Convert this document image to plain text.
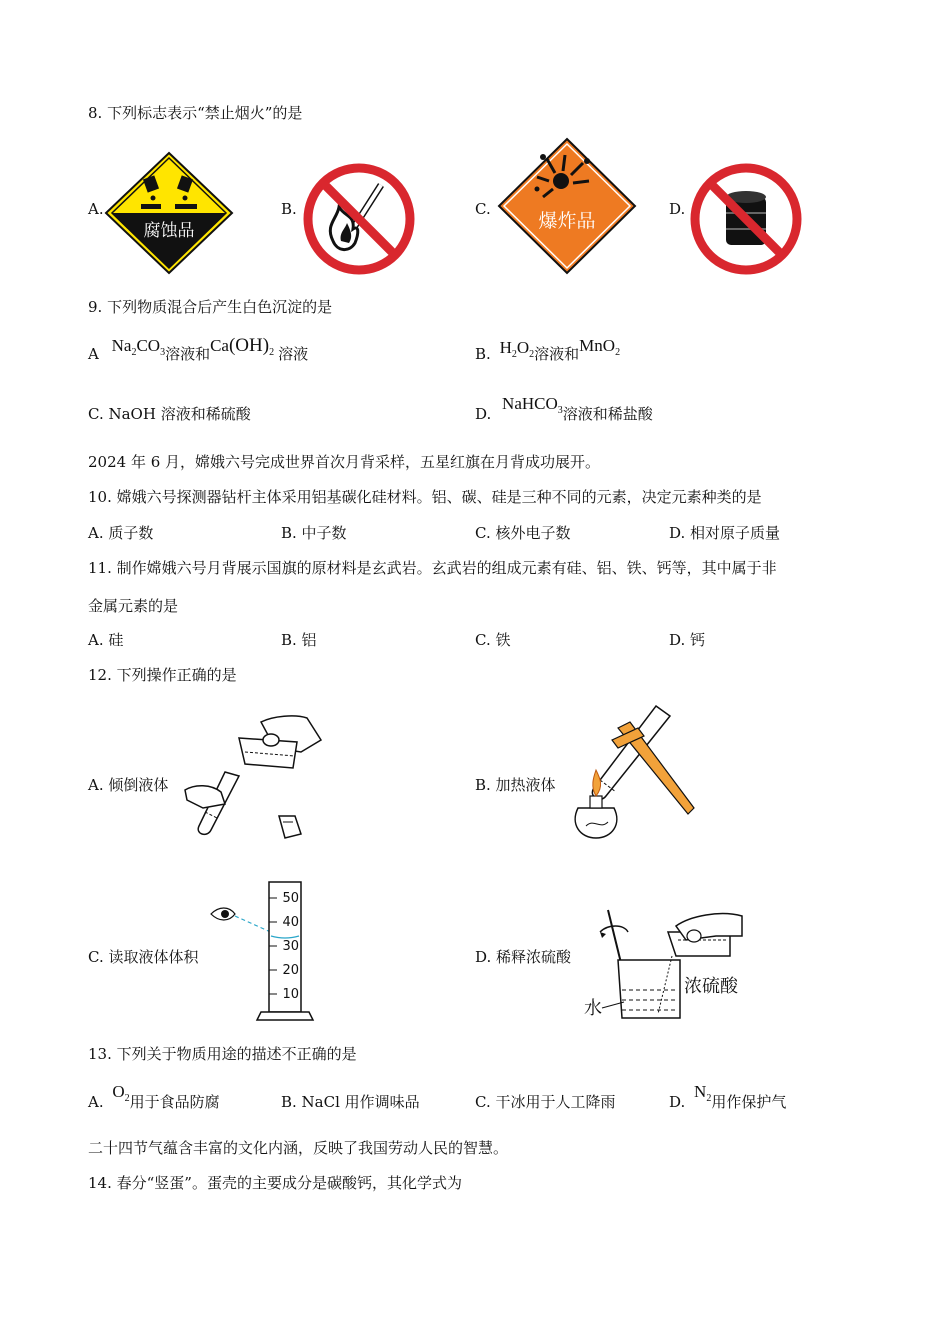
8. 下列标志表示“禁止烟火”的是
A.
腐蚀品
B.	C.
爆炸品
D.
9. 下列物质混合后产生白色沉淀的是
A $Na_2CO_3$溶液和$Ca(OH)_2$ 溶液	B. $H_2O_2$溶液和MnO$_2$
C. NaOH 溶液和稀硫酸	D. NaHCO$_3$溶液和稀盐酸
2024 年 6 月，嫦娥六号完成世界首次月背采样，五星红旗在月背成功展开。
10. 嫦娥六号探测器钻杆主体采用铝基碳化硅材料。铝、碳、硅是三种不同的元素，决定元素种类的是
A. 质子数	B. 中子数	C. 核外电子数	D. 相对原子质量
11. 制作嫦娥六号月背展示国旗的原材料是玄武岩。玄武岩的组成元素有硅、铝、铁、钙等，其中属于非
金属元素的是
A. 硅	B. 铝	C. 铁	D. 钙
12. 下列操作正确的是
A. 倾倒液体	B. 加热液体
C. 读取液体体积
50
40
30
20
10
D. 稀释浓硫酸
浓硫酸
水
13. 下列关于物质用途的描述不正确的是
A. $O_2$用于食品防腐	B. NaCl 用作调味品	C. 干冰用于人工降雨	D. $N_2$用作保护气
二十四节气蕴含丰富的文化内涵，反映了我国劳动人民的智慧。
14. 春分“竖蛋”。蛋壳的主要成分是碳酸钙，其化学式为
